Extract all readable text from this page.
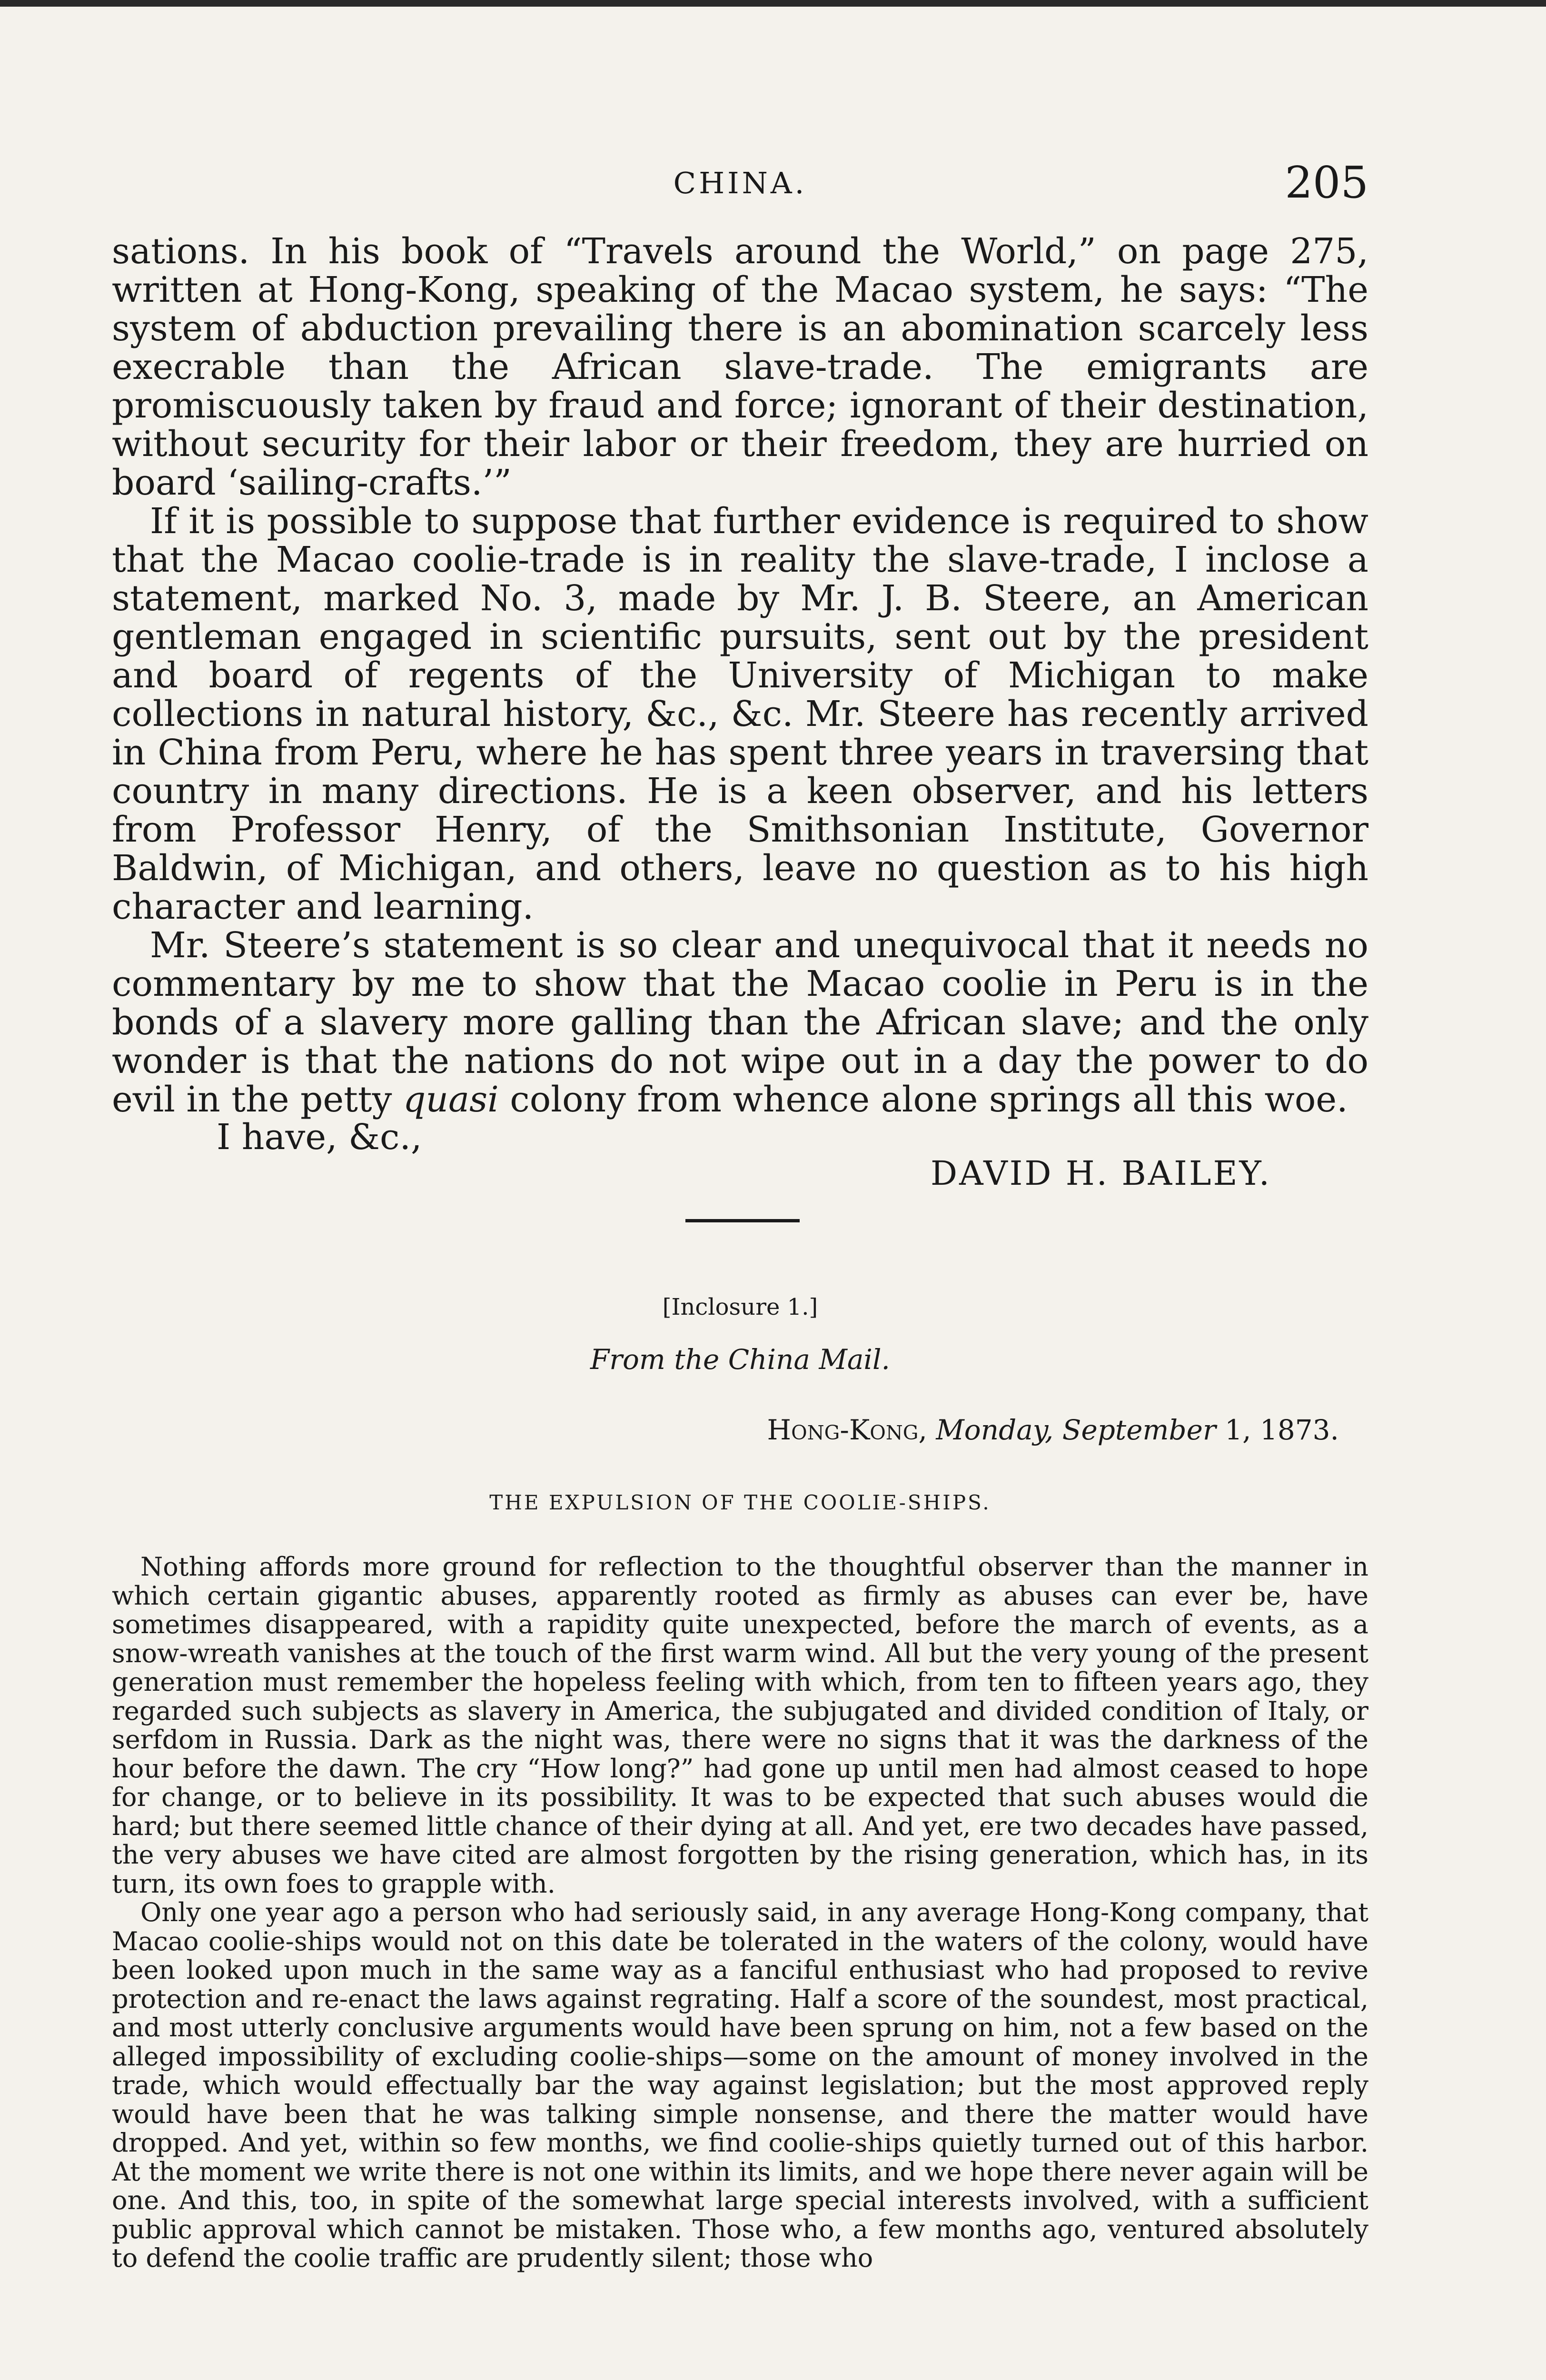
CHINA.	205

sations. In his book of “Travels around the World,” on page 275, written at Hong-Kong, speaking of the Macao system, he says: “The system of abduction prevailing there is an abomination scarcely less execrable than the African slave-trade. The emigrants are promiscuously taken by fraud and force; ignorant of their destination, without security for their labor or their freedom, they are hurried on board ‘sailing-crafts.’”

If it is possible to suppose that further evidence is required to show that the Macao coolie-trade is in reality the slave-trade, I inclose a statement, marked No. 3, made by Mr. J. B. Steere, an American gentleman engaged in scientific pursuits, sent out by the president and board of regents of the University of Michigan to make collections in natural history, &c., &c. Mr. Steere has recently arrived in China from Peru, where he has spent three years in traversing that country in many directions. He is a keen observer, and his letters from Professor Henry, of the Smithsonian Institute, Governor Baldwin, of Michigan, and others, leave no question as to his high character and learning.

Mr. Steere’s statement is so clear and unequivocal that it needs no commentary by me to show that the Macao coolie in Peru is in the bonds of a slavery more galling than the African slave; and the only wonder is that the nations do not wipe out in a day the power to do evil in the petty quasi colony from whence alone springs all this woe.

I have, &c.,
DAVID H. BAILEY.
[Inclosure 1.]
From the China Mail.
Hong-Kong, Monday, September 1, 1873.
THE EXPULSION OF THE COOLIE-SHIPS.

Nothing affords more ground for reflection to the thoughtful observer than the manner in which certain gigantic abuses, apparently rooted as firmly as abuses can ever be, have sometimes disappeared, with a rapidity quite unexpected, before the march of events, as a snow-wreath vanishes at the touch of the first warm wind. All but the very young of the present generation must remember the hopeless feeling with which, from ten to fifteen years ago, they regarded such subjects as slavery in America, the subjugated and divided condition of Italy, or serfdom in Russia. Dark as the night was, there were no signs that it was the darkness of the hour before the dawn. The cry “How long?” had gone up until men had almost ceased to hope for change, or to believe in its possibility. It was to be expected that such abuses would die hard; but there seemed little chance of their dying at all. And yet, ere two decades have passed, the very abuses we have cited are almost forgotten by the rising generation, which has, in its turn, its own foes to grapple with.

Only one year ago a person who had seriously said, in any average Hong-Kong company, that Macao coolie-ships would not on this date be tolerated in the waters of the colony, would have been looked upon much in the same way as a fanciful enthusiast who had proposed to revive protection and re-enact the laws against regrating. Half a score of the soundest, most practical, and most utterly conclusive arguments would have been sprung on him, not a few based on the alleged impossibility of excluding coolie-ships—some on the amount of money involved in the trade, which would effectually bar the way against legislation; but the most approved reply would have been that he was talking simple nonsense, and there the matter would have dropped. And yet, within so few months, we find coolie-ships quietly turned out of this harbor. At the moment we write there is not one within its limits, and we hope there never again will be one. And this, too, in spite of the somewhat large special interests involved, with a sufficient public approval which cannot be mistaken. Those who, a few months ago, ventured absolutely to defend the coolie traffic are prudently silent; those who
